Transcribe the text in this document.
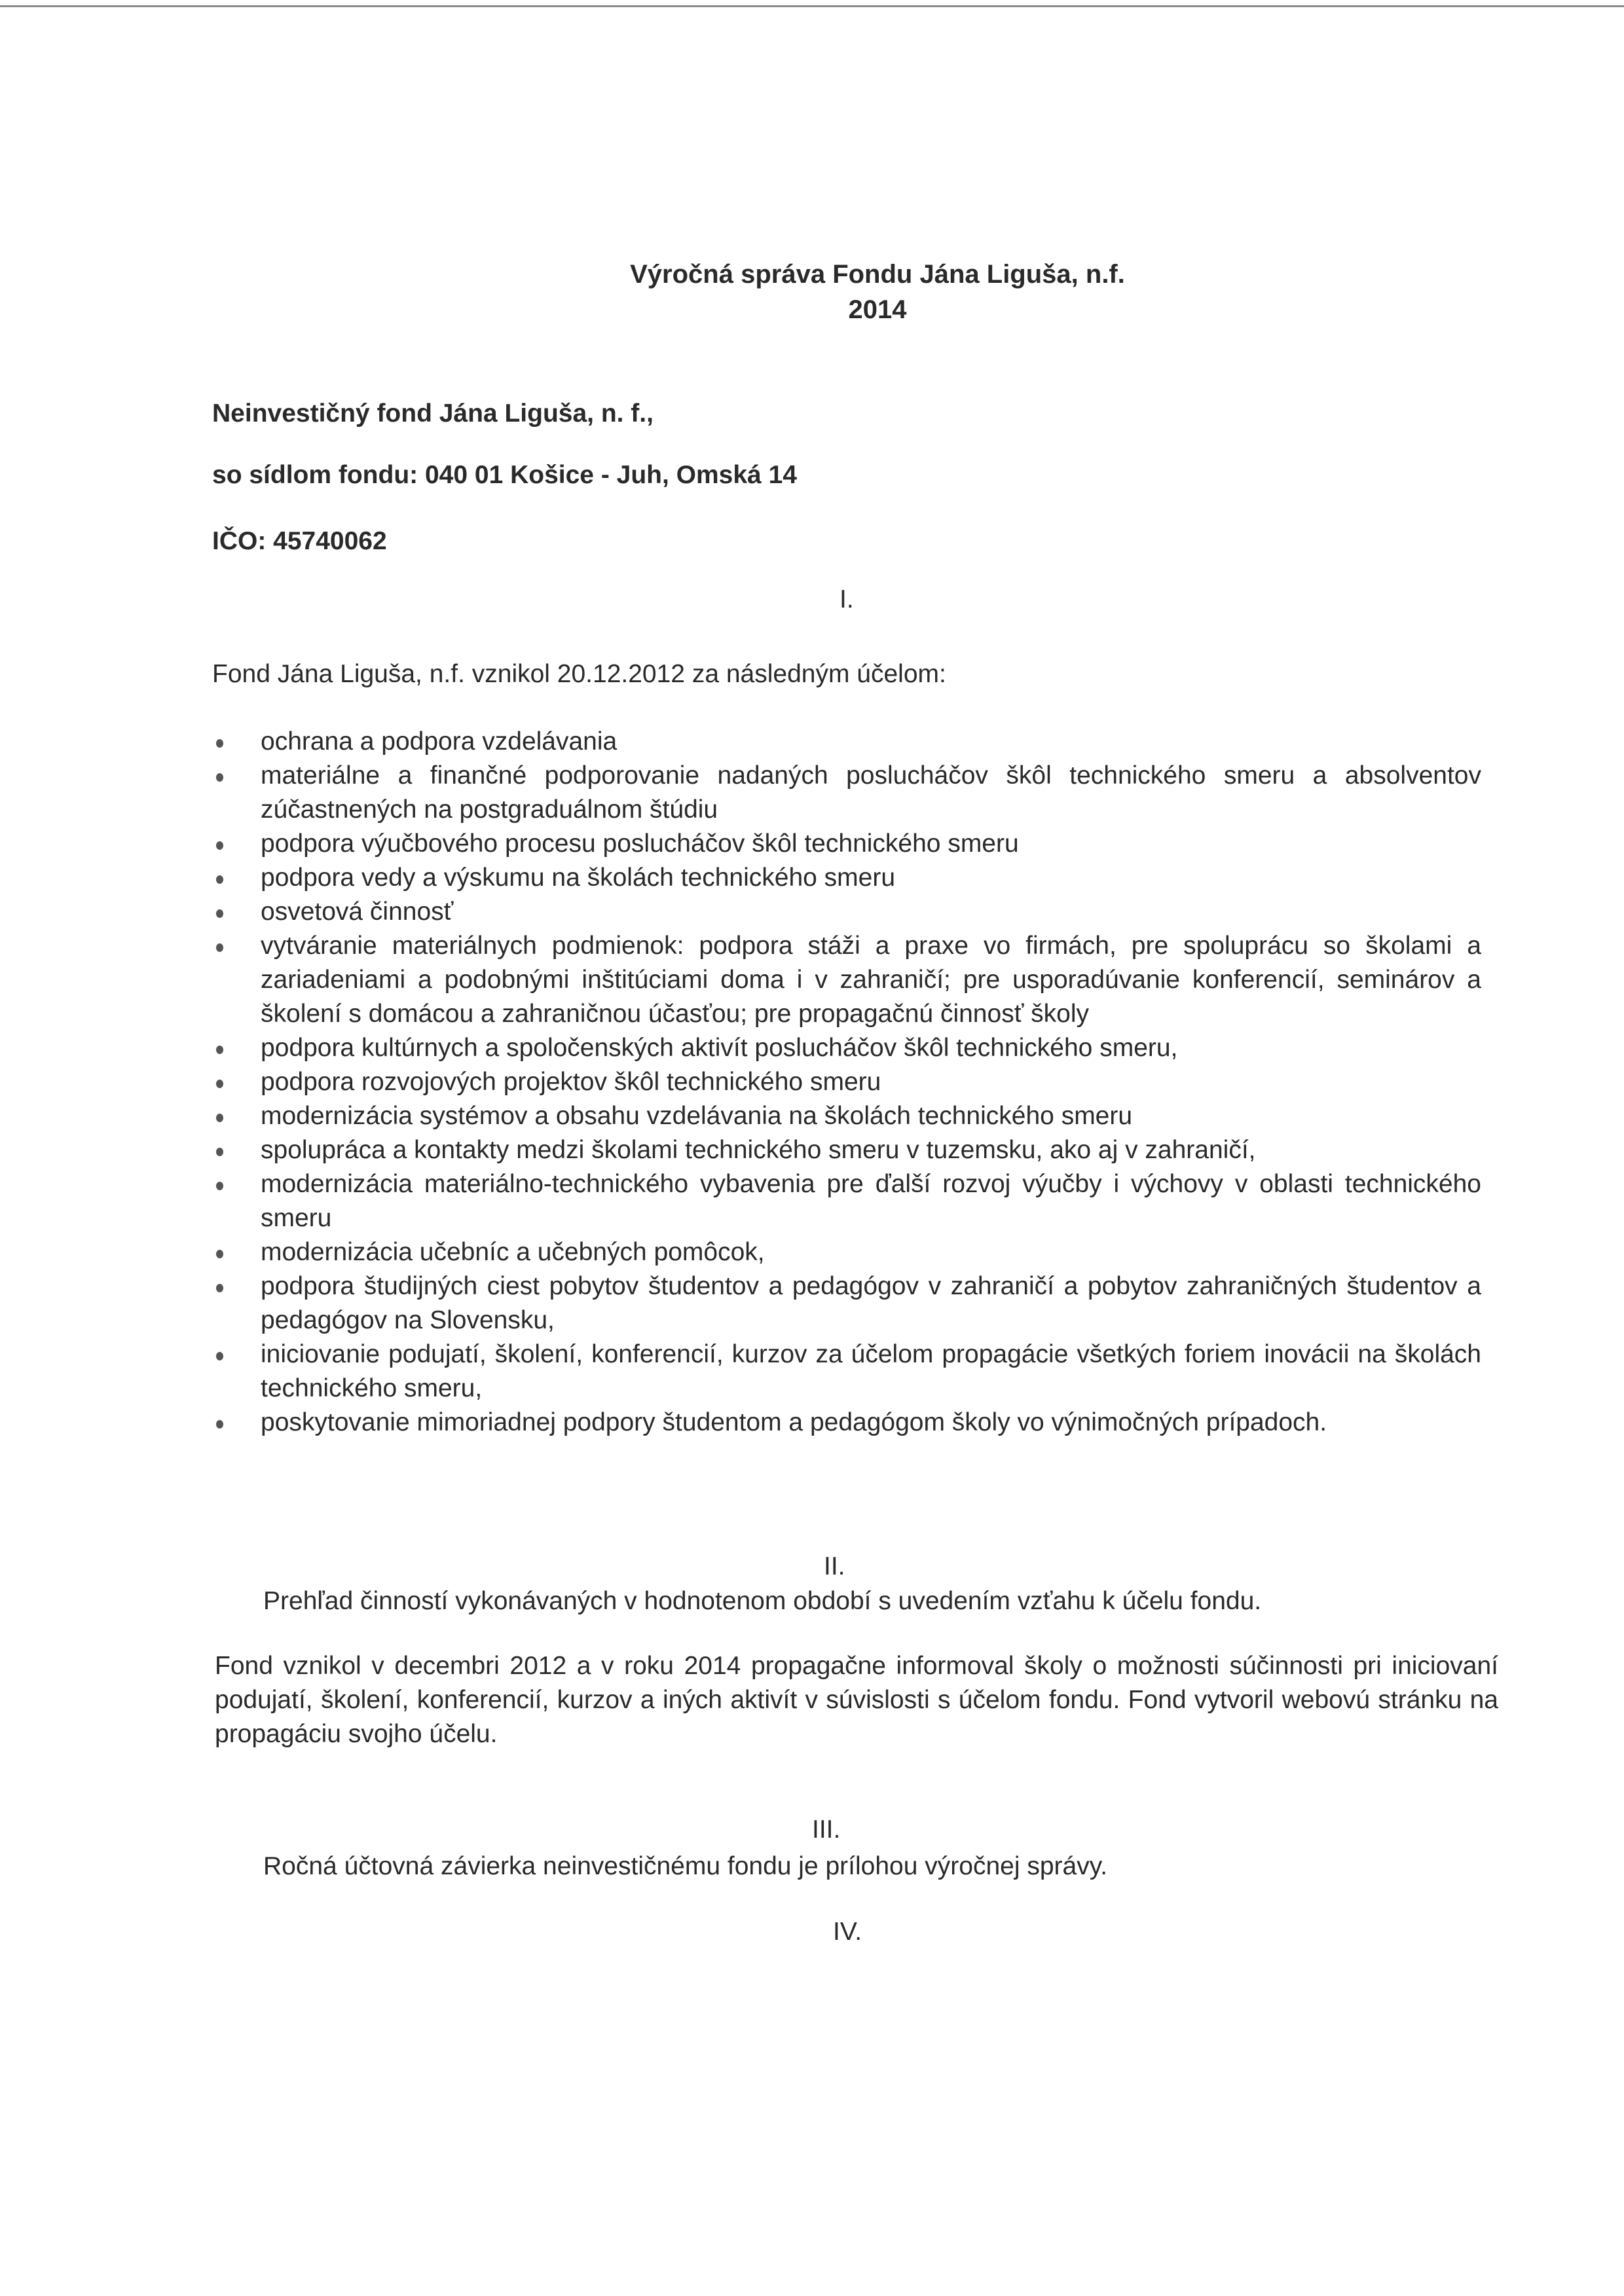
Výročná správa Fondu Jána Liguša, n.f.
2014
Neinvestičný fond Jána Liguša, n. f.,
so sídlom fondu: 040 01 Košice - Juh, Omská 14
IČO: 45740062
I.
Fond Jána Liguša, n.f. vznikol 20.12.2012 za následným účelom:
ochrana a podpora vzdelávania
materiálne a finančné podporovanie nadaných poslucháčov škôl technického smeru a absolventov zúčastnených na postgraduálnom štúdiu
podpora výučbového procesu poslucháčov škôl technického smeru
podpora vedy a výskumu na školách technického smeru
osvetová činnosť
vytváranie materiálnych podmienok: podpora stáži a praxe vo firmách, pre spoluprácu so školami a zariadeniami a podobnými inštitúciami doma i v zahraničí; pre usporadúvanie konferencií, seminárov a školení s domácou a zahraničnou účasťou; pre propagačnú činnosť školy
podpora kultúrnych a spoločenských aktivít poslucháčov škôl technického smeru,
podpora rozvojových projektov škôl technického smeru
modernizácia systémov a obsahu vzdelávania na školách technického smeru
spolupráca a kontakty medzi školami technického smeru v tuzemsku, ako aj v zahraničí,
modernizácia materiálno-technického vybavenia pre ďalší rozvoj výučby i výchovy v oblasti technického smeru
modernizácia učebníc a učebných pomôcok,
podpora študijných ciest pobytov študentov a pedagógov v zahraničí a pobytov zahraničných študentov a pedagógov na Slovensku,
iniciovanie podujatí, školení, konferencií, kurzov za účelom propagácie všetkých foriem inovácii na školách technického smeru,
poskytovanie mimoriadnej podpory študentom a pedagógom školy vo výnimočných prípadoch.
II.
Prehľad činností vykonávaných v hodnotenom období s uvedením vzťahu k účelu fondu.
Fond vznikol v decembri 2012 a v roku 2014 propagačne informoval školy o možnosti súčinnosti pri iniciovaní podujatí, školení, konferencií, kurzov a iných aktivít v súvislosti s účelom fondu. Fond vytvoril webovú stránku na propagáciu svojho účelu.
III.
Ročná účtovná závierka neinvestičnému fondu je prílohou výročnej správy.
IV.
